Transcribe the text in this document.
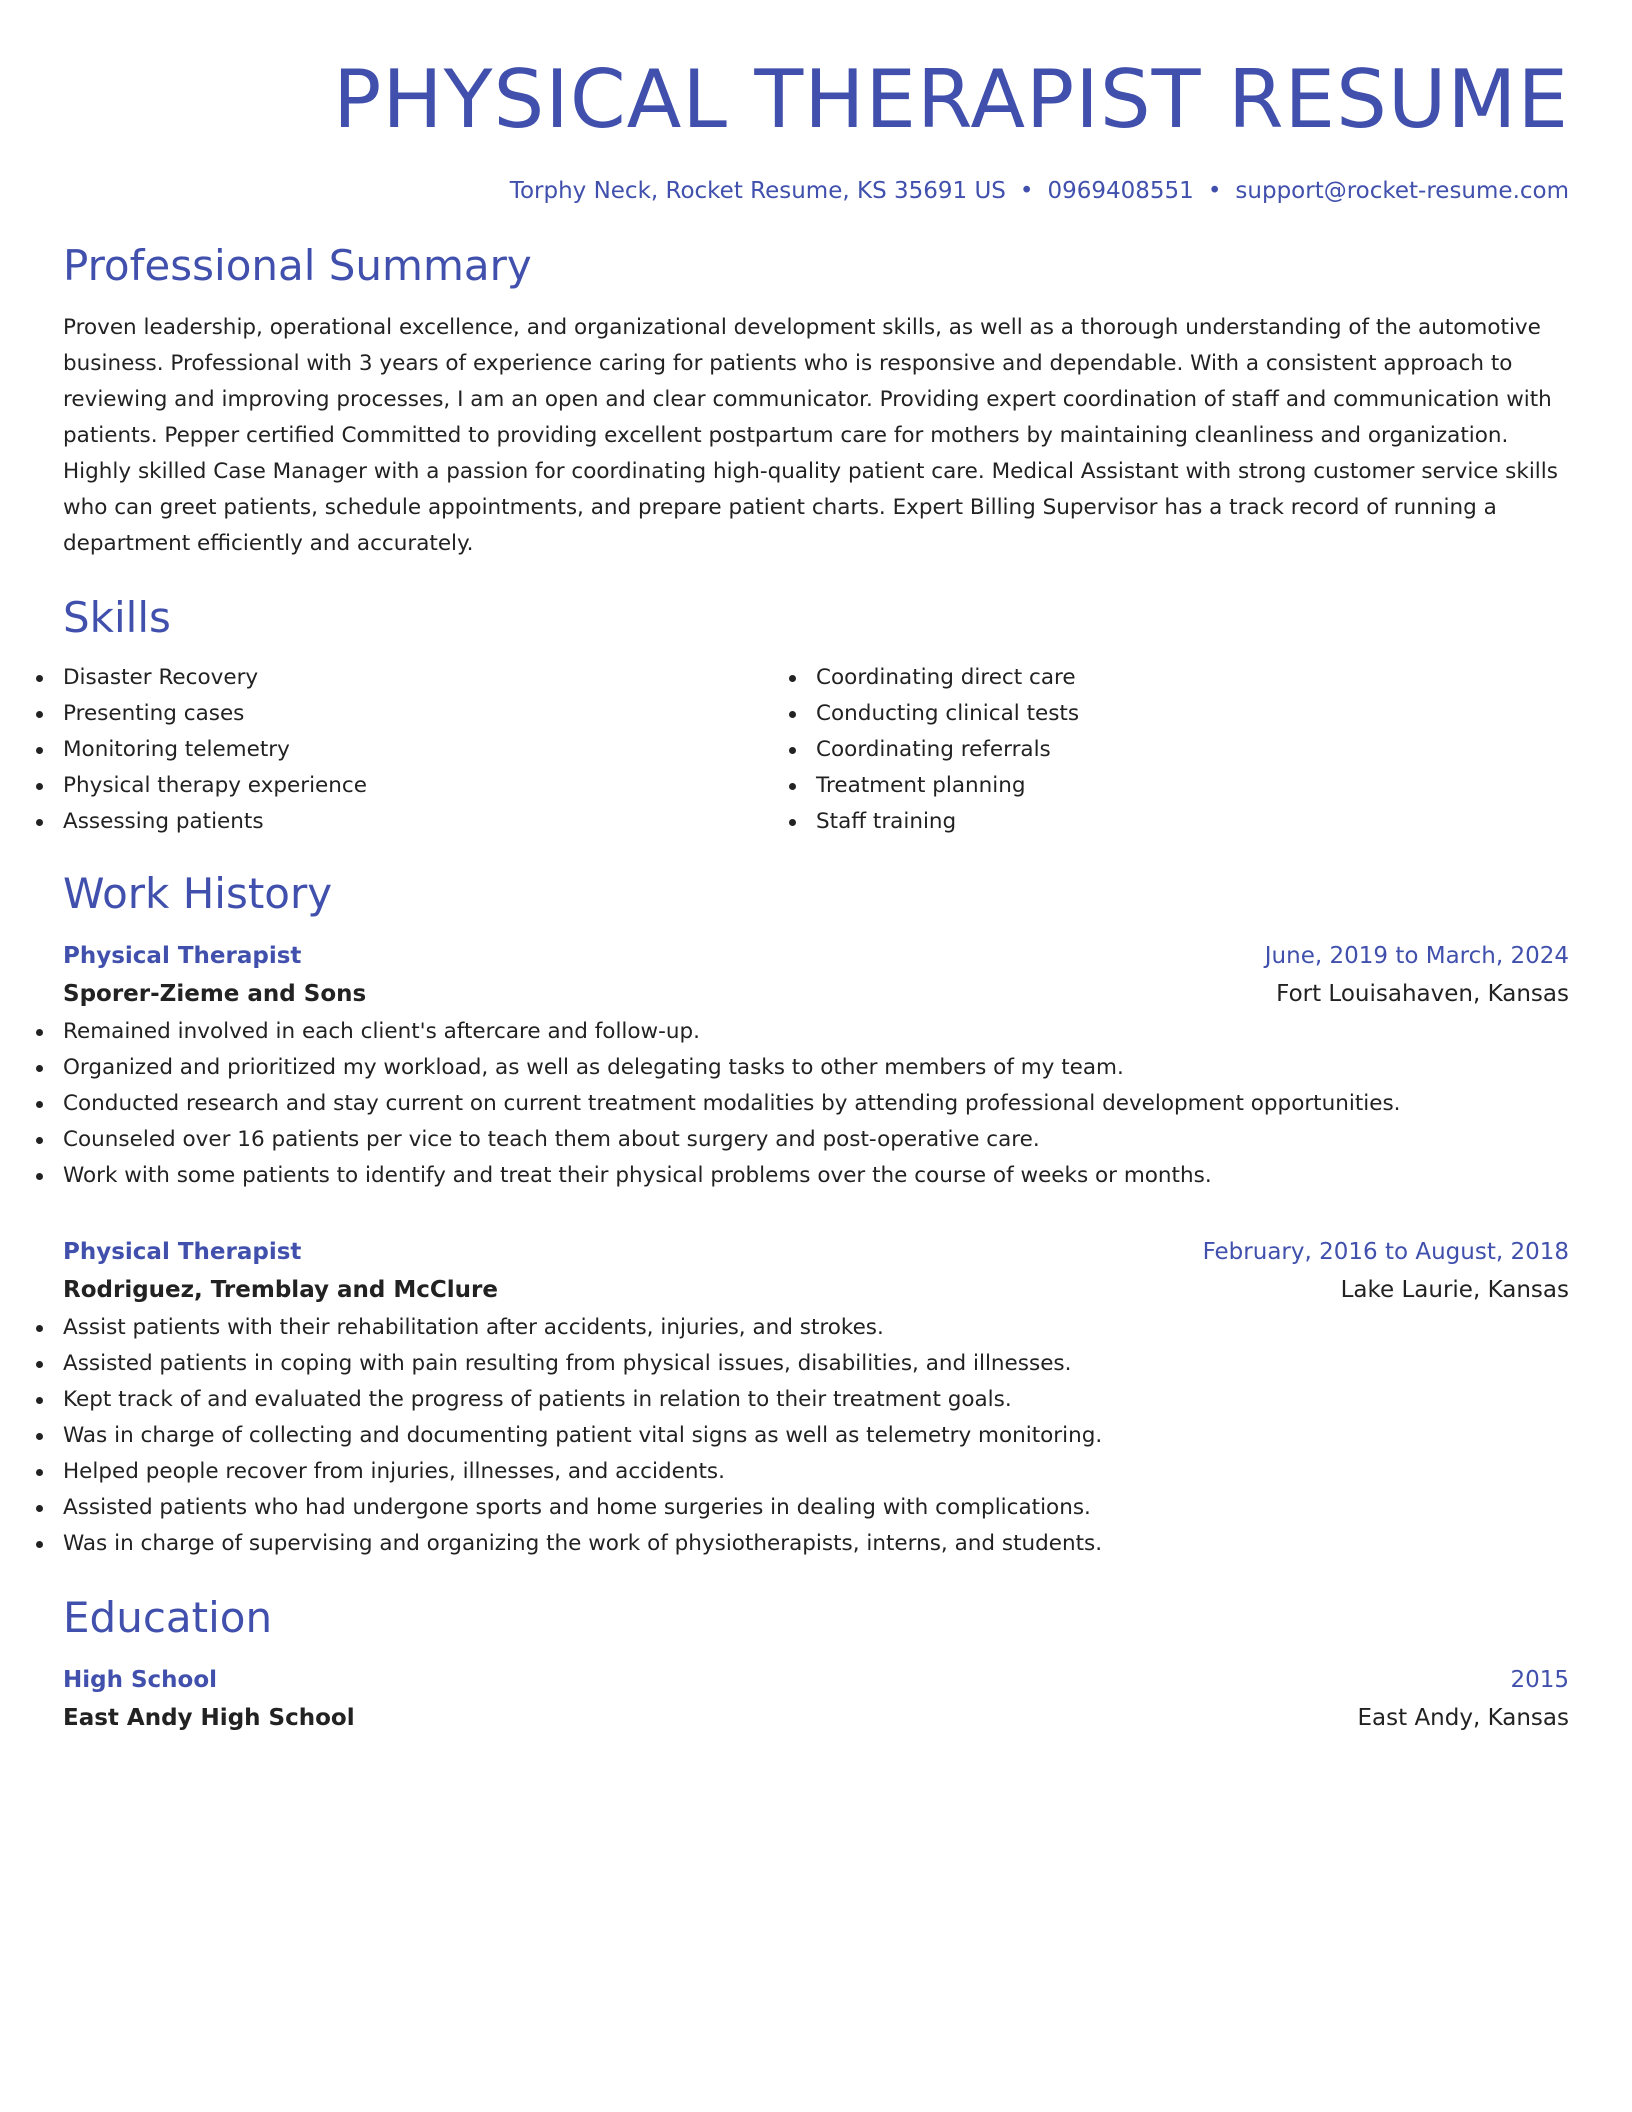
PHYSICAL THERAPIST RESUME
Torphy Neck, Rocket Resume, KS 35691 US • 0969408551 • support@rocket-resume.com
Professional Summary

Proven leadership, operational excellence, and organizational development skills, as well as a thorough understanding of the automotive business. Professional with 3 years of experience caring for patients who is responsive and dependable. With a consistent approach to reviewing and improving processes, I am an open and clear communicator. Providing expert coordination of staff and communication with patients. Pepper certified Committed to providing excellent postpartum care for mothers by maintaining cleanliness and organization. Highly skilled Case Manager with a passion for coordinating high-quality patient care. Medical Assistant with strong customer service skills who can greet patients, schedule appointments, and prepare patient charts. Expert Billing Supervisor has a track record of running a department efficiently and accurately.

Skills
Disaster Recovery
Presenting cases
Monitoring telemetry
Physical therapy experience
Assessing patients
Coordinating direct care
Conducting clinical tests
Coordinating referrals
Treatment planning
Staff training
Work History
Physical Therapist	June, 2019 to March, 2024
Sporer-Zieme and Sons	Fort Louisahaven, Kansas
Remained involved in each client's aftercare and follow-up.
Organized and prioritized my workload, as well as delegating tasks to other members of my team.
Conducted research and stay current on current treatment modalities by attending professional development opportunities.
Counseled over 16 patients per vice to teach them about surgery and post-operative care.
Work with some patients to identify and treat their physical problems over the course of weeks or months.
Physical Therapist	February, 2016 to August, 2018
Rodriguez, Tremblay and McClure	Lake Laurie, Kansas
Assist patients with their rehabilitation after accidents, injuries, and strokes.
Assisted patients in coping with pain resulting from physical issues, disabilities, and illnesses.
Kept track of and evaluated the progress of patients in relation to their treatment goals.
Was in charge of collecting and documenting patient vital signs as well as telemetry monitoring.
Helped people recover from injuries, illnesses, and accidents.
Assisted patients who had undergone sports and home surgeries in dealing with complications.
Was in charge of supervising and organizing the work of physiotherapists, interns, and students.
Education
High School	2015
East Andy High School	East Andy, Kansas
